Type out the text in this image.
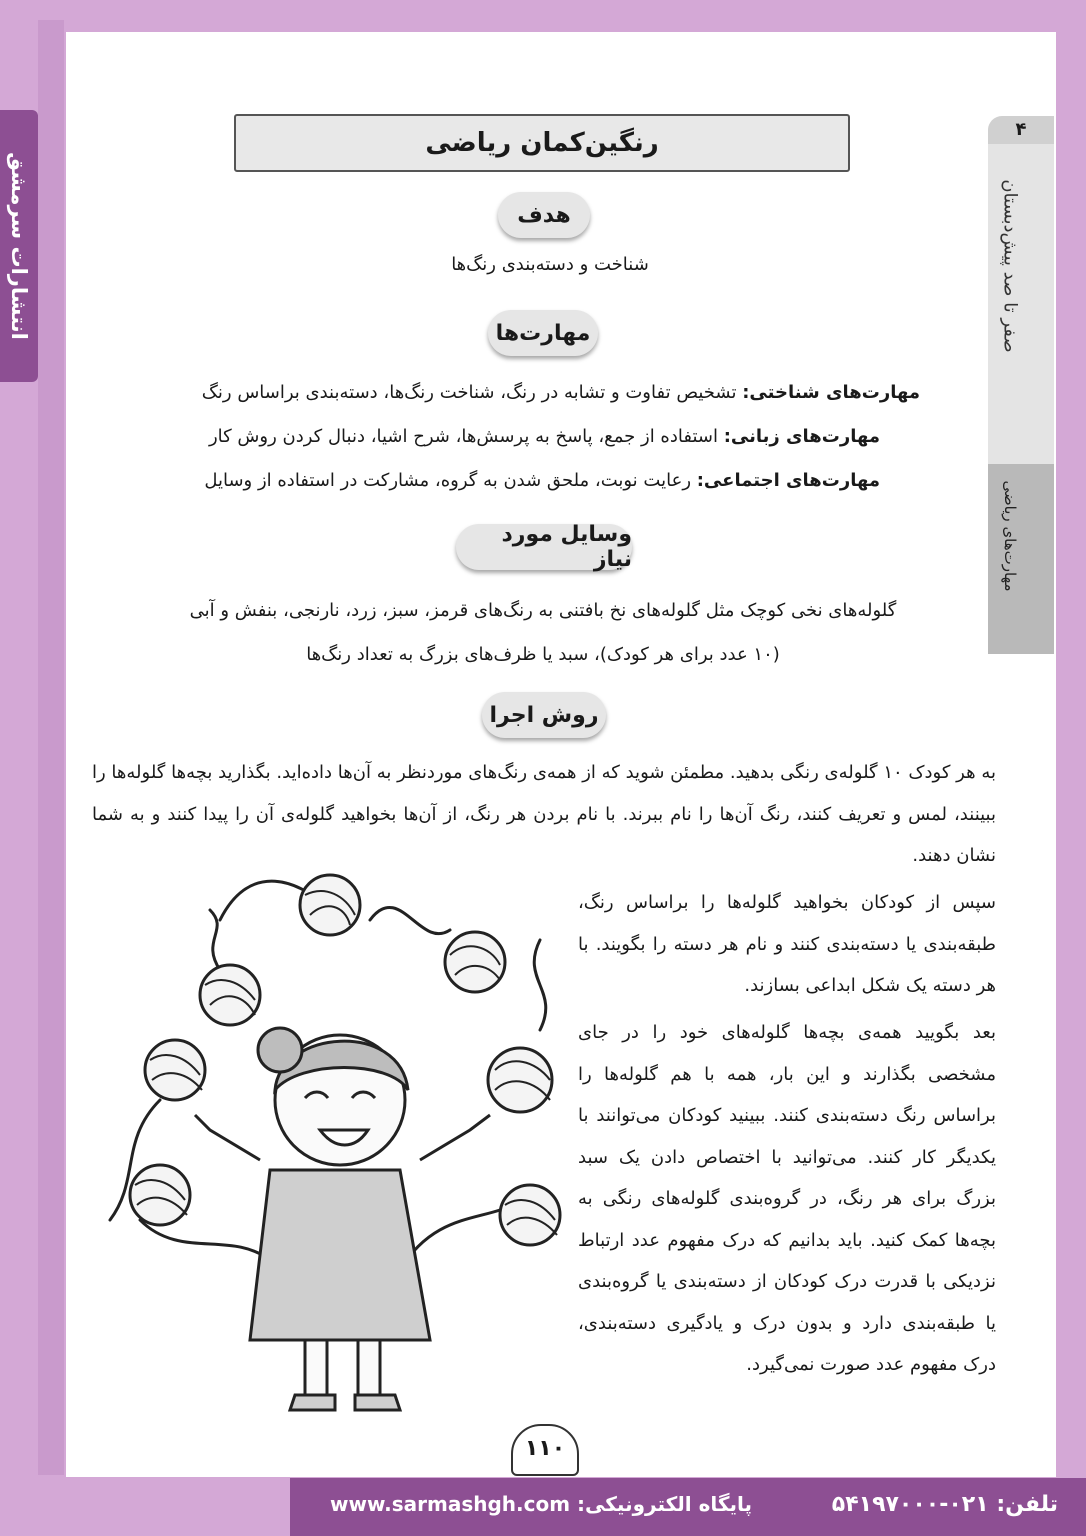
انتشارات سرمشق
۴
صفر تا صد پیش‌دبستان
مهارت‌های ریاضی
رنگین‌کمان ریاضی
هدف
شناخت و دسته‌بندی رنگ‌ها
مهارت‌ها
مهارت‌های شناختی: تشخیص تفاوت و تشابه در رنگ، شناخت رنگ‌ها، دسته‌بندی براساس رنگ
مهارت‌های زبانی: استفاده از جمع، پاسخ به پرسش‌ها، شرح اشیا، دنبال کردن روش کار
مهارت‌های اجتماعی: رعایت نوبت، ملحق شدن به گروه، مشارکت در استفاده از وسایل
وسایل مورد نیاز
گلوله‌های نخی کوچک مثل گلوله‌های نخ بافتنی به رنگ‌های قرمز، سبز، زرد، نارنجی، بنفش و آبی
(۱۰ عدد برای هر کودک)، سبد یا ظرف‌های بزرگ به تعداد رنگ‌ها
روش اجرا
به هر کودک ۱۰ گلوله‌ی رنگی بدهید. مطمئن شوید که از همه‌ی رنگ‌های موردنظر به آن‌ها داده‌اید. بگذارید بچه‌ها گلوله‌ها را ببینند، لمس و تعریف کنند، رنگ آن‌ها را نام ببرند. با نام بردن هر رنگ، از آن‌ها بخواهید گلوله‌ی آن را پیدا کنند و به شما نشان دهند.
سپس از کودکان بخواهید گلوله‌ها را براساس رنگ، طبقه‌بندی یا دسته‌بندی کنند و نام هر دسته را بگویند. با هر دسته یک شکل ابداعی بسازند.
بعد بگویید همه‌ی بچه‌ها گلوله‌های خود را در جای مشخصی بگذارند و این بار، همه با هم گلوله‌ها را براساس رنگ دسته‌بندی کنند. ببینید کودکان می‌توانند با یکدیگر کار کنند. می‌توانید با اختصاص دادن یک سبد بزرگ برای هر رنگ، در گروه‌بندی گلوله‌های رنگی به بچه‌ها کمک کنید. باید بدانیم که درک مفهوم عدد ارتباط نزدیکی با قدرت درک کودکان از دسته‌بندی یا گروه‌بندی یا طبقه‌بندی دارد و بدون درک و یادگیری دسته‌بندی، درک مفهوم عدد صورت نمی‌گیرد.
۱۱۰
تلفن: ۰۲۱-۵۴۱۹۷۰۰۰
پایگاه الکترونیکی: www.sarmashgh.com
